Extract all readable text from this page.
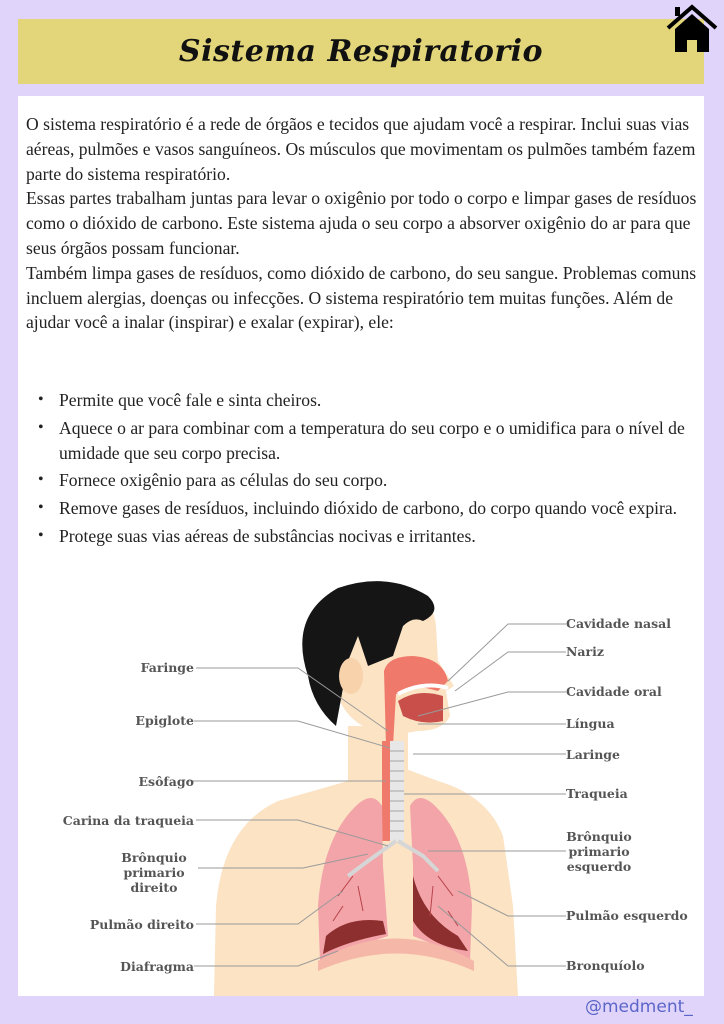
Sistema Respiratorio

O sistema respiratório é a rede de órgãos e tecidos que ajudam você a respirar. Inclui suas vias aéreas, pulmões e vasos sanguíneos. Os músculos que movimentam os pulmões também fazem parte do sistema respiratório.

Essas partes trabalham juntas para levar o oxigênio por todo o corpo e limpar gases de resíduos como o dióxido de carbono. Este sistema ajuda o seu corpo a absorver oxigênio do ar para que seus órgãos possam funcionar.

Também limpa gases de resíduos, como dióxido de carbono, do seu sangue. Problemas comuns incluem alergias, doenças ou infecções. O sistema respiratório tem muitas funções. Além de ajudar você a inalar (inspirar) e exalar (expirar), ele:

• Permite que você fale e sinta cheiros.
• Aquece o ar para combinar com a temperatura do seu corpo e o umidifica para o nível de umidade que seu corpo precisa.
• Fornece oxigênio para as células do seu corpo.
• Remove gases de resíduos, incluindo dióxido de carbono, do corpo quando você expira.
• Protege suas vias aéreas de substâncias nocivas e irritantes.
Faringe
Epiglote
Esôfago
Carina da traqueia
Brônquio primario direito
Pulmão direito
Diafragma
Cavidade nasal
Nariz
Cavidade oral
Língua
Laringe
Traqueia
Brônquio primario esquerdo
Pulmão esquerdo
Bronquíolo
@medment_
